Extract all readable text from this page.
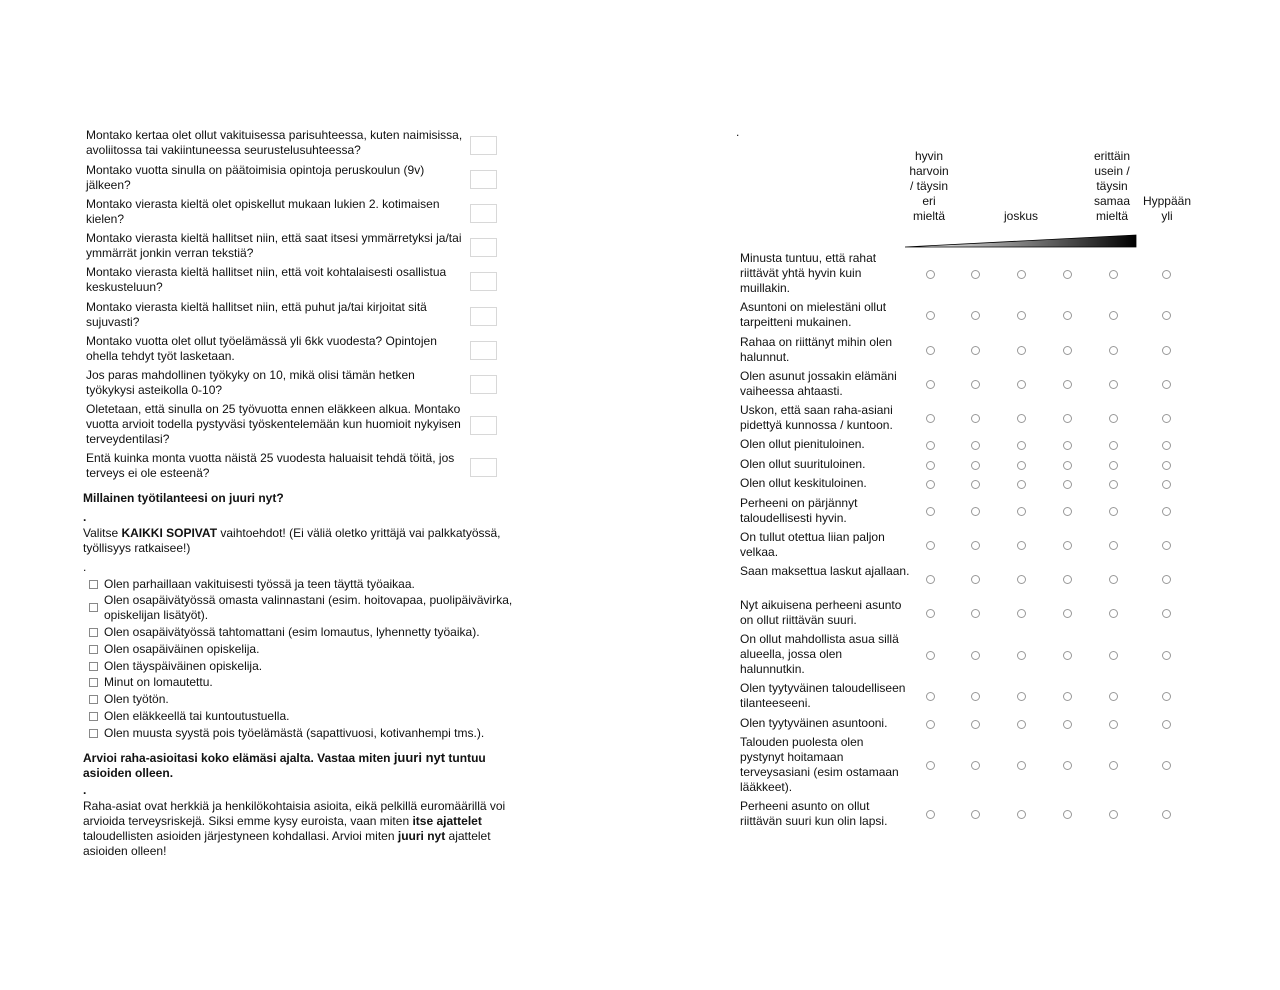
Montako kertaa olet ollut vakituisessa parisuhteessa, kuten naimisissa, avoliitossa tai vakiintuneessa seurustelusuhteessa?
Montako vuotta sinulla on päätoimisia opintoja peruskoulun (9v) jälkeen?
Montako vierasta kieltä olet opiskellut mukaan lukien 2. kotimaisen kielen?
Montako vierasta kieltä hallitset niin, että saat itsesi ymmärretyksi ja/tai ymmärrät jonkin verran tekstiä?
Montako vierasta kieltä hallitset niin, että voit kohtalaisesti osallistua keskusteluun?
Montako vierasta kieltä hallitset niin, että puhut ja/tai kirjoitat sitä sujuvasti?
Montako vuotta olet ollut työelämässä yli 6kk vuodesta? Opintojen ohella tehdyt työt lasketaan.
Jos paras mahdollinen työkyky on 10, mikä olisi tämän hetken työkykysi asteikolla 0-10?
Oletetaan, että sinulla on 25 työvuotta ennen eläkkeen alkua. Montako vuotta arvioit todella pystyväsi työskentelemään kun huomioit nykyisen terveydentilasi?
Entä kuinka monta vuotta näistä 25 vuodesta haluaisit tehdä töitä, jos terveys ei ole esteenä?
Millainen työtilanteesi on juuri nyt?
.
Valitse KAIKKI SOPIVAT vaihtoehdot! (Ei väliä oletko yrittäjä vai palkkatyössä, työllisyys ratkaisee!)
.
Olen parhaillaan vakituisesti työssä ja teen täyttä työaikaa.
Olen osapäivätyössä omasta valinnastani (esim. hoitovapaa, puolipäivävirka, opiskelijan lisätyöt).
Olen osapäivätyössä tahtomattani (esim lomautus, lyhennetty työaika).
Olen osapäiväinen opiskelija.
Olen täyspäiväinen opiskelija.
Minut on lomautettu.
Olen työtön.
Olen eläkkeellä tai kuntoutustuella.
Olen muusta syystä pois työelämästä (sapattivuosi, kotivanhempi tms.).
Arvioi raha-asioitasi koko elämäsi ajalta. Vastaa miten juuri nyt tuntuu asioiden olleen.
.
Raha-asiat ovat herkkiä ja henkilökohtaisia asioita, eikä pelkillä euromäärillä voi arvioida terveysriskejä. Siksi emme kysy euroista, vaan miten itse ajattelet taloudellisten asioiden järjestyneen kohdallasi. Arvioi miten juuri nyt ajattelet asioiden olleen!
.
hyvin
harvoin
/ täysin
eri
mieltä	joskus
erittäin
usein /
täysin
samaa
mieltä
Hyppään
yli
Minusta tuntuu, että rahat riittävät yhtä hyvin kuin muillakin.
Asuntoni on mielestäni ollut tarpeitteni mukainen.
Rahaa on riittänyt mihin olen halunnut.
Olen asunut jossakin elämäni vaiheessa ahtaasti.
Uskon, että saan raha-asiani pidettyä kunnossa / kuntoon.
Olen ollut pienituloinen.
Olen ollut suurituloinen.
Olen ollut keskituloinen.
Perheeni on pärjännyt taloudellisesti hyvin.
On tullut otettua liian paljon velkaa.
Saan maksettua laskut ajallaan.
Nyt aikuisena perheeni asunto on ollut riittävän suuri.
On ollut mahdollista asua sillä alueella, jossa olen halunnutkin.
Olen tyytyväinen taloudelliseen tilanteeseeni.
Olen tyytyväinen asuntooni.
Talouden puolesta olen pystynyt hoitamaan terveysasiani (esim ostamaan lääkkeet).
Perheeni asunto on ollut riittävän suuri kun olin lapsi.
